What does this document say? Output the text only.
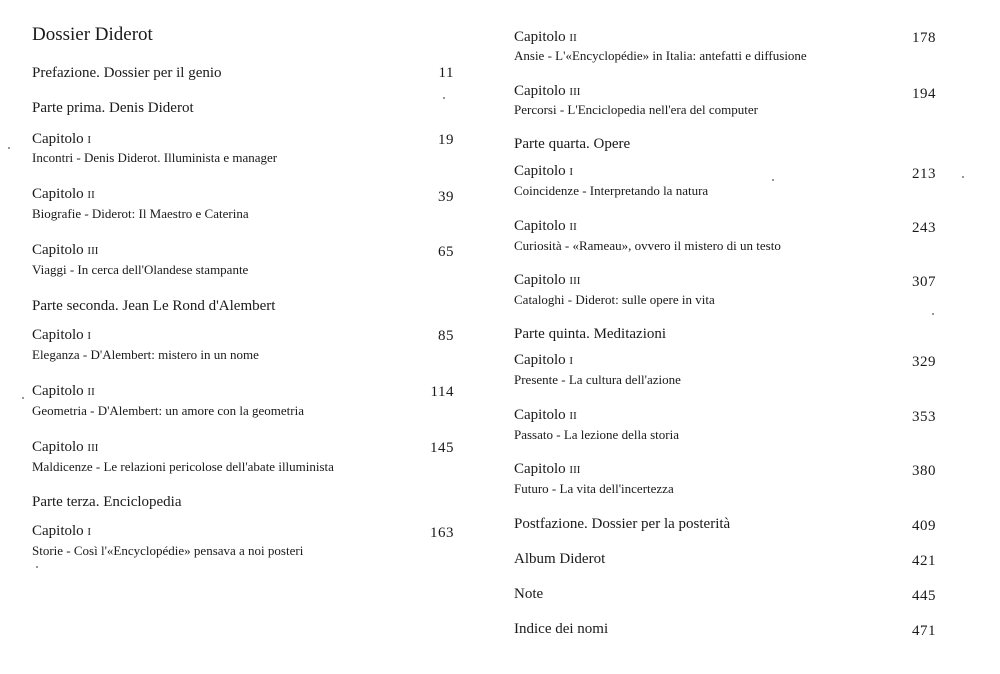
Dossier Diderot
Prefazione. Dossier per il genio	11
Parte prima. Denis Diderot
Capitolo i	19
Incontri - Denis Diderot. Illuminista e manager
Capitolo ii	39
Biografie - Diderot: Il Maestro e Caterina
Capitolo iii	65
Viaggi - In cerca dell'Olandese stampante
Parte seconda. Jean Le Rond d'Alembert
Capitolo i	85
Eleganza - D'Alembert: mistero in un nome
Capitolo ii	114
Geometria - D'Alembert: un amore con la geometria
Capitolo iii	145
Maldicenze - Le relazioni pericolose dell'abate illuminista
Parte terza. Enciclopedia
Capitolo i	163
Storie - Così l'«Encyclopédie» pensava a noi posteri
Capitolo ii	178
Ansie - L'«Encyclopédie» in Italia: antefatti e diffusione
Capitolo iii	194
Percorsi - L'Enciclopedia nell'era del computer
Parte quarta. Opere
Capitolo i	213
Coincidenze - Interpretando la natura
Capitolo ii	243
Curiosità - «Rameau», ovvero il mistero di un testo
Capitolo iii	307
Cataloghi - Diderot: sulle opere in vita
Parte quinta. Meditazioni
Capitolo i	329
Presente - La cultura dell'azione
Capitolo ii	353
Passato - La lezione della storia
Capitolo iii	380
Futuro - La vita dell'incertezza
Postfazione. Dossier per la posterità	409
Album Diderot	421
Note	445
Indice dei nomi	471
